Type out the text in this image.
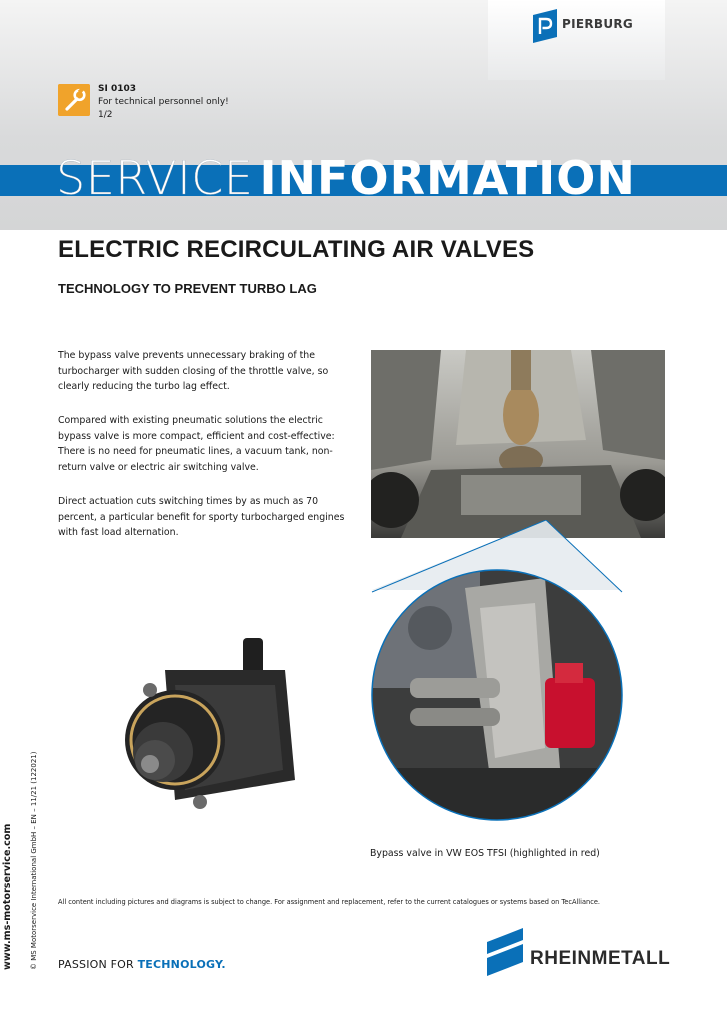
PIERBURG
SI 0103
For technical personnel only!
1/2
SERVICE INFORMATION
ELECTRIC RECIRCULATING AIR VALVES
TECHNOLOGY TO PREVENT TURBO LAG
The bypass valve prevents unnecessary braking of the turbocharger with sudden closing of the throttle valve, so clearly reducing the turbo lag effect.
Compared with existing pneumatic solutions the electric bypass valve is more compact, efficient and cost-effective: There is no need for pneumatic lines, a vacuum tank, non-return valve or electric air switching valve.
Direct actuation cuts switching times by as much as 70 percent, a particular benefit for sporty turbocharged engines with fast load alternation.
Bypass valve in VW EOS TFSI (highlighted in red)
All content including pictures and diagrams is subject to change. For assignment and replacement, refer to the current catalogues or systems based on TecAlliance.
www.ms-motorservice.com © MS Motorservice International GmbH – EN – 11/21 (122021) PASSION FOR TECHNOLOGY.	RHEINMETALL
